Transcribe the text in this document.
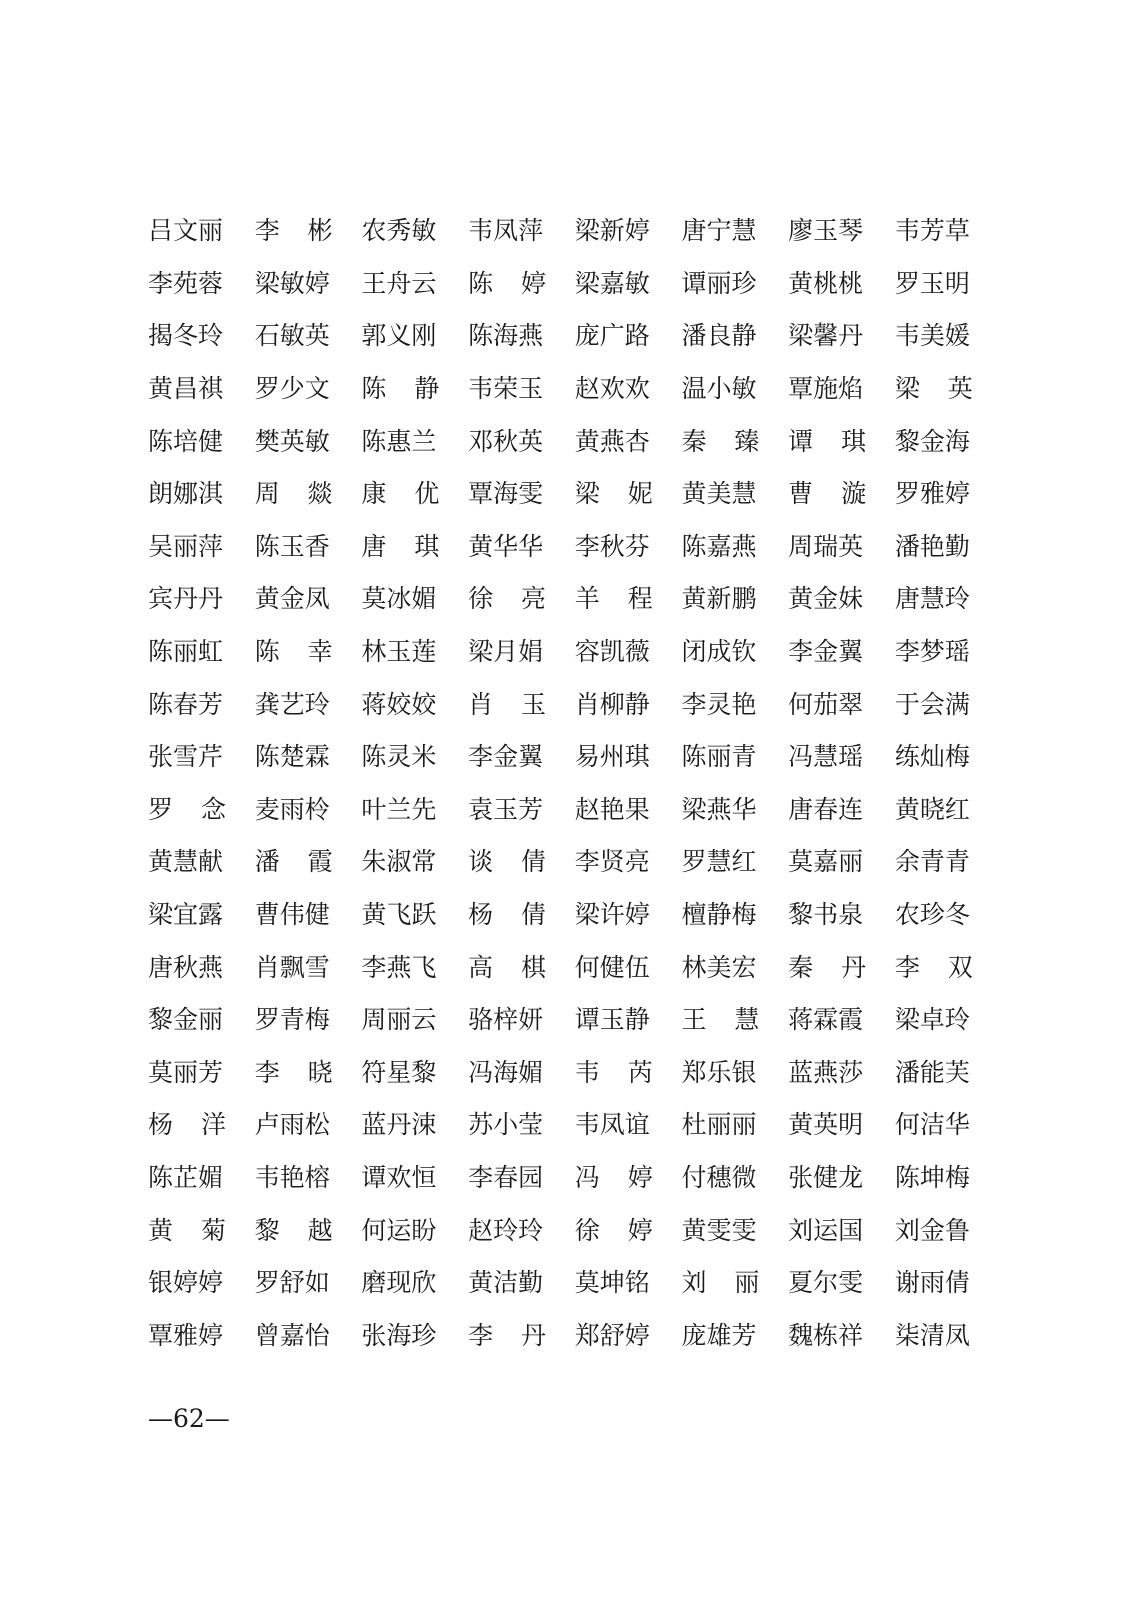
吕文丽 李 彬 农秀敏 韦凤萍 梁新婷 唐宁慧 廖玉琴 韦芳草
李苑蓉 梁敏婷 王舟云 陈 婷 梁嘉敏 谭丽珍 黄桃桃 罗玉明
揭冬玲 石敏英 郭义刚 陈海燕 庞广路 潘良静 梁馨丹 韦美媛
黄昌祺 罗少文 陈 静 韦荣玉 赵欢欢 温小敏 覃施焰 梁 英
陈培健 樊英敏 陈惠兰 邓秋英 黄燕杏 秦 臻 谭 琪 黎金海
朗娜淇 周 燚 康 优 覃海雯 梁 妮 黄美慧 曹 漩 罗雅婷
吴丽萍 陈玉香 唐 琪 黄华华 李秋芬 陈嘉燕 周瑞英 潘艳勤
宾丹丹 黄金凤 莫冰媚 徐 亮 羊 程 黄新鹏 黄金妹 唐慧玲
陈丽虹 陈 幸 林玉莲 梁月娟 容凯薇 闭成钦 李金翼 李梦瑶
陈春芳 龚艺玲 蒋姣姣 肖 玉 肖柳静 李灵艳 何茄翠 于会满
张雪芹 陈楚霖 陈灵米 李金翼 易州琪 陈丽青 冯慧瑶 练灿梅
罗 念 麦雨柃 叶兰先 袁玉芳 赵艳果 梁燕华 唐春连 黄晓红
黄慧献 潘 霞 朱淑常 谈 倩 李贤亮 罗慧红 莫嘉丽 余青青
梁宜露 曹伟健 黄飞跃 杨 倩 梁许婷 檀静梅 黎书泉 农珍冬
唐秋燕 肖飘雪 李燕飞 高 棋 何健伍 林美宏 秦 丹 李 双
黎金丽 罗青梅 周丽云 骆梓妍 谭玉静 王 慧 蒋霖霞 梁卓玲
莫丽芳 李 晓 符星黎 冯海媚 韦 芮 郑乐银 蓝燕莎 潘能芙
杨 洋 卢雨松 蓝丹涑 苏小莹 韦凤谊 杜丽丽 黄英明 何洁华
陈芷媚 韦艳榕 谭欢恒 李春园 冯 婷 付穗微 张健龙 陈坤梅
黄 菊 黎 越 何运盼 赵玲玲 徐 婷 黄雯雯 刘运国 刘金鲁
银婷婷 罗舒如 磨现欣 黄洁勤 莫坤铭 刘 丽 夏尔雯 谢雨倩
覃雅婷 曾嘉怡 张海珍 李 丹 郑舒婷 庞雄芳 魏栋祥 柒清凤
—62—
